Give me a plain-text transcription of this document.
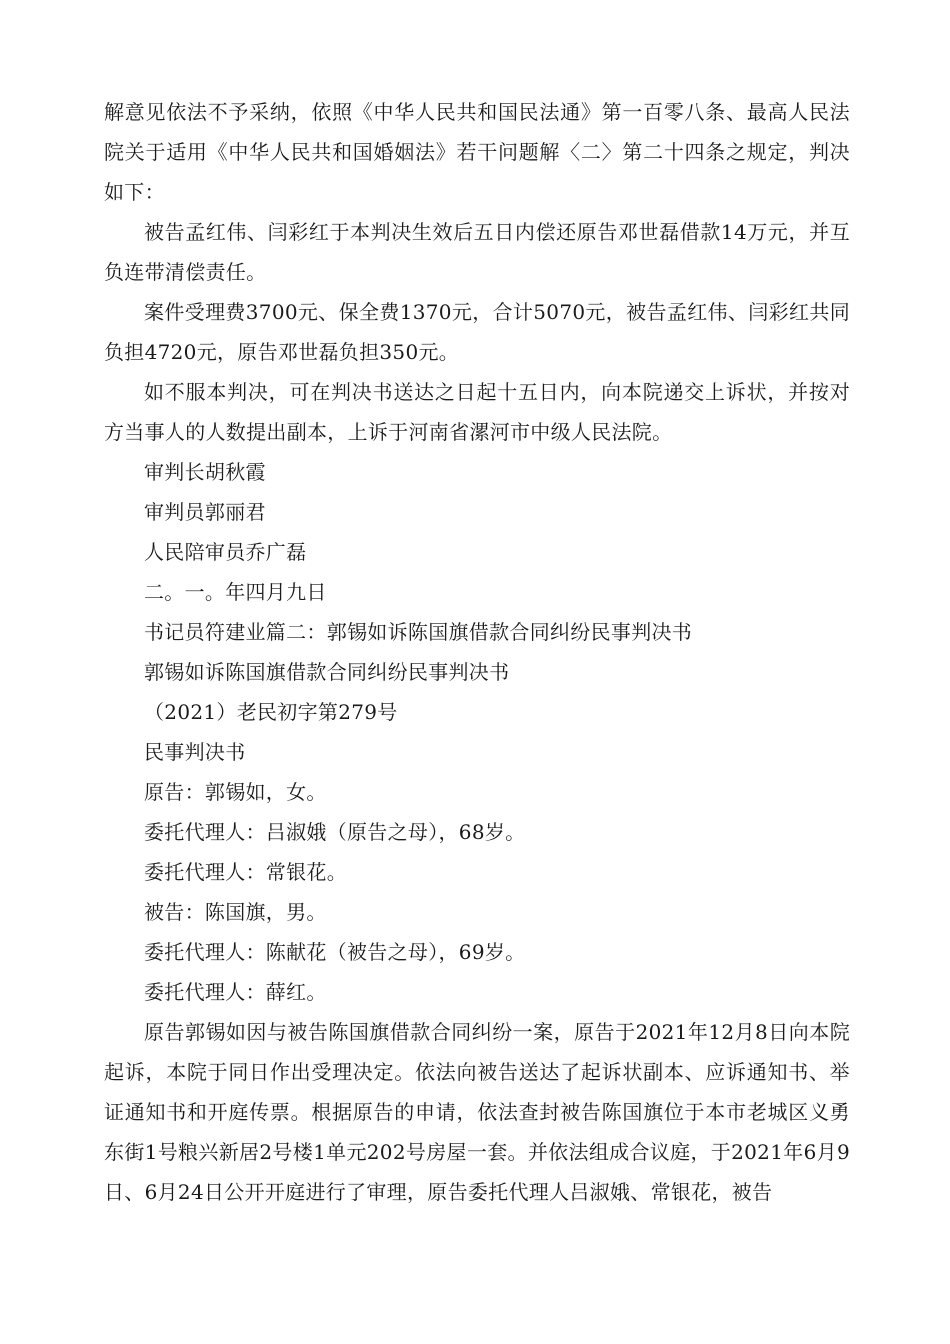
解意见依法不予采纳，依照《中华人民共和国民法通》第一百零八条、最高人民法院关于适用《中华人民共和国婚姻法》若干问题解〈二〉第二十四条之规定，判决如下：

被告孟红伟、闫彩红于本判决生效后五日内偿还原告邓世磊借款14万元，并互负连带清偿责任。

案件受理费3700元、保全费1370元，合计5070元，被告孟红伟、闫彩红共同负担4720元，原告邓世磊负担350元。

如不服本判决，可在判决书送达之日起十五日内，向本院递交上诉状，并按对方当事人的人数提出副本，上诉于河南省漯河市中级人民法院。

审判长胡秋霞

审判员郭丽君

人民陪审员乔广磊

二。一。年四月九日

书记员符建业篇二：郭锡如诉陈国旗借款合同纠纷民事判决书

郭锡如诉陈国旗借款合同纠纷民事判决书

（2021）老民初字第279号

民事判决书

原告：郭锡如，女。

委托代理人：吕淑娥（原告之母），68岁。

委托代理人：常银花。

被告：陈国旗，男。

委托代理人：陈献花（被告之母），69岁。

委托代理人：薛红。

原告郭锡如因与被告陈国旗借款合同纠纷一案，原告于2021年12月8日向本院起诉，本院于同日作出受理决定。依法向被告送达了起诉状副本、应诉通知书、举证通知书和开庭传票。根据原告的申请，依法查封被告陈国旗位于本市老城区义勇东街1号粮兴新居2号楼1单元202号房屋一套。并依法组成合议庭，于2021年6月9日、6月24日公开开庭进行了审理，原告委托代理人吕淑娥、常银花，被告
